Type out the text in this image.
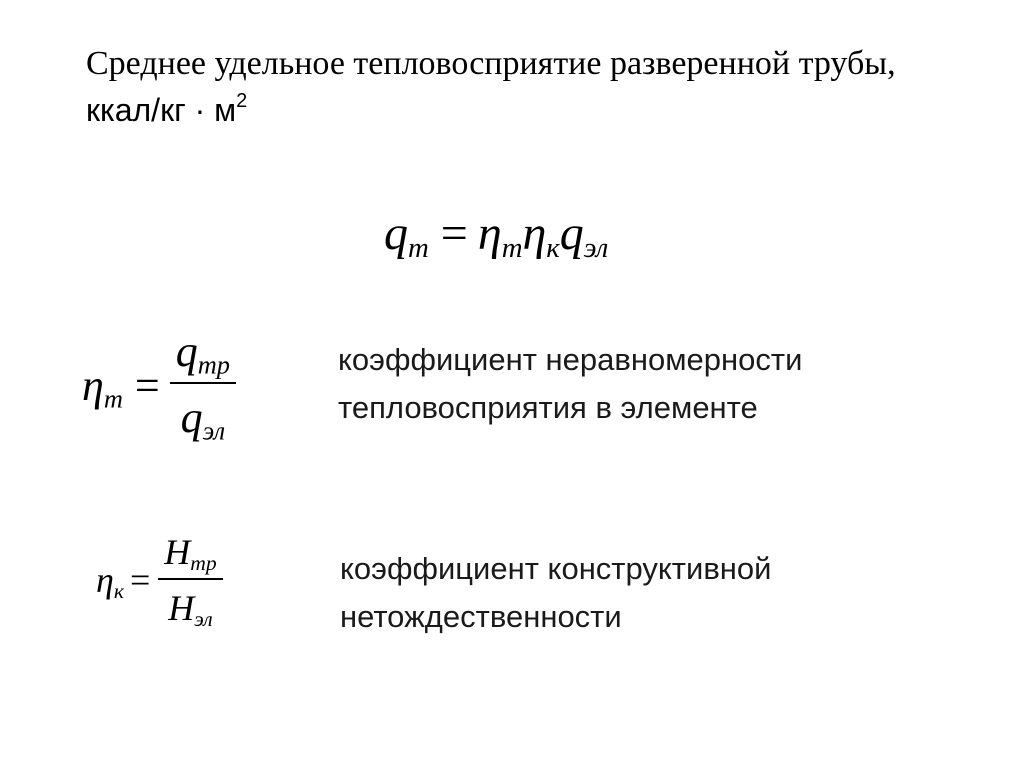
Среднее удельное тепловосприятие разверенной трубы, ккал/кг · $м^2$
$q_т = \eta_т\eta_кq_{эл}$
$\eta_т = \frac{q_{тр}}{q_{эл}}$	коэффициент неравномерности
тепловосприятия в элементе
$\eta_к = \frac{H_{тр}}{H_{эл}}$	коэффициент конструктивной
нетождественности
